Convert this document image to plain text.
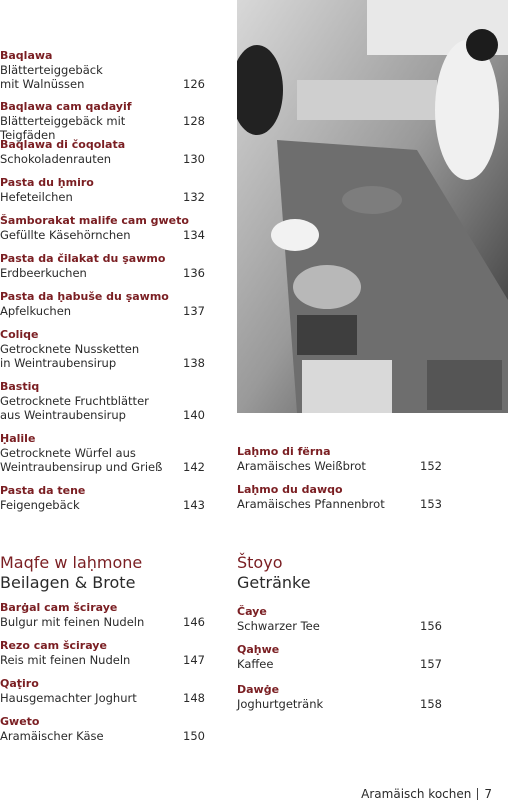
Baqlawa
Blätterteiggebäck
mit Walnüssen	126
Baqlawa cam qadayif
Blätterteiggebäck mit Teigfäden
128
Baqlawa di čoqolata
Schokoladenrauten	130
Pasta du ḥmiro
Hefeteilchen	132
Šamborakat malife cam gweto
Gefüllte Käsehörnchen	134
Pasta da čilakat du ṣawmo
Erdbeerkuchen	136
Pasta da ḥabuše du ṣawmo
Apfelkuchen	137
Coliqe
Getrocknete Nussketten
in Weintraubensirup	138
Bastiq
Getrocknete Fruchtblätter
aus Weintraubensirup	140
Ḥalile
Getrocknete Würfel aus
Weintraubensirup und Grieß 142
Pasta da tene
Feigengebäck	143
Laḥmo di fërna
Aramäisches Weißbrot	152
Laḥmo du dawqo
Aramäisches Pfannenbrot	153
Maqfe w laḥmone
Beilagen & Brote
Barġal cam šciraye
Bulgur mit feinen Nudeln	146
Rezo cam šciraye
Reis mit feinen Nudeln	147
Qaṭiro
Hausgemachter Joghurt	148
Gweto
Aramäischer Käse	150
Štoyo
Getränke
Čaye
Schwarzer Tee	156
Qaḥwe
Kaffee	157
Dawġe
Joghurtgetränk	158
Aramäisch kochen 7
